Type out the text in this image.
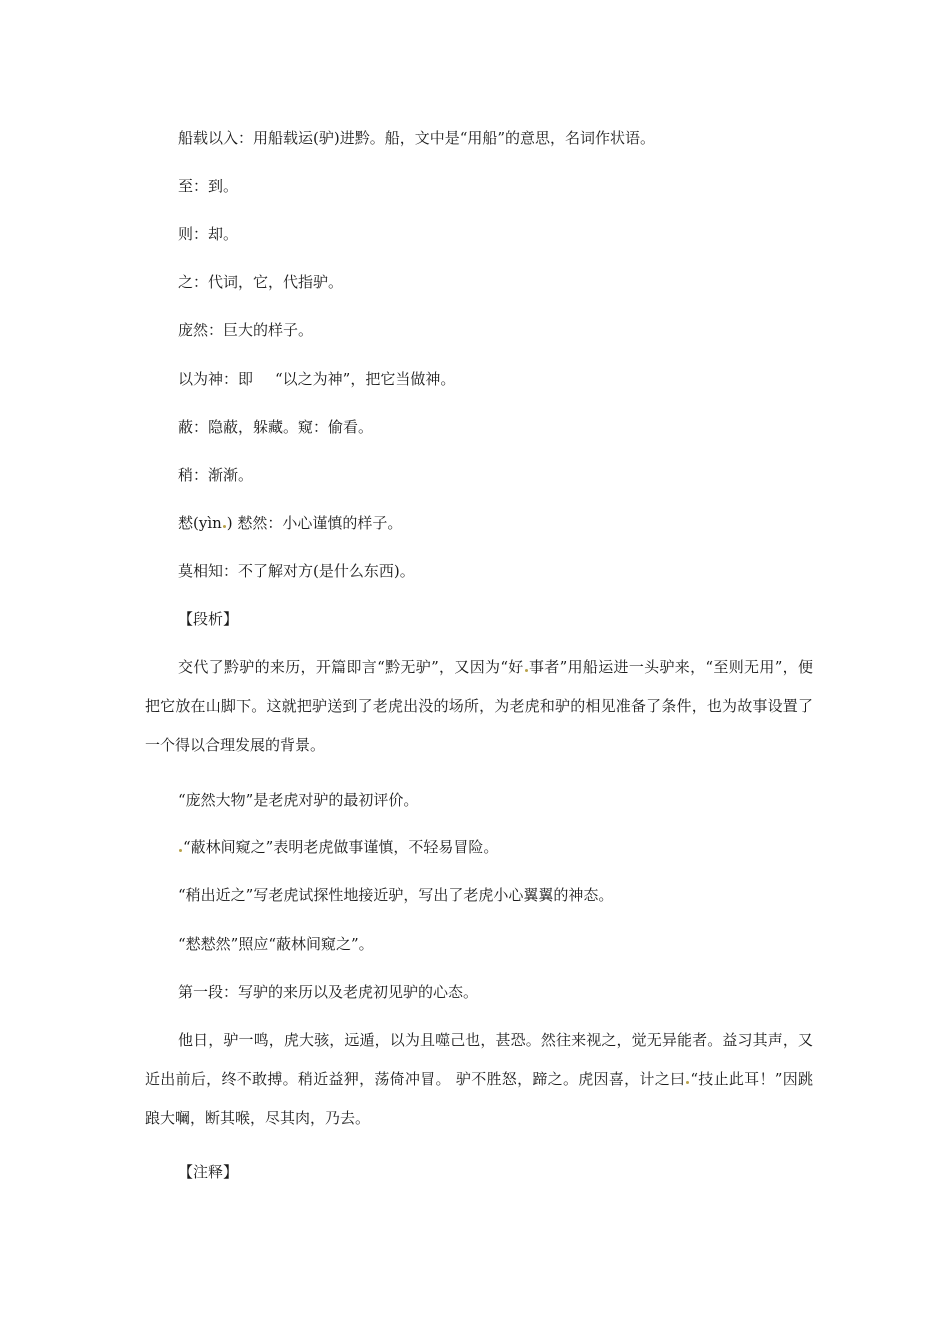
船载以入：用船载运(驴)进黔。船，文中是“用船”的意思，名词作状语。
至：到。
则：却。
之：代词，它，代指驴。
庞然：巨大的样子。
以为神：即 “以之为神”，把它当做神。
蔽：隐蔽，躲藏。窥：偷看。
稍：渐渐。
慭(yìn ) 慭然：小心谨慎的样子。
莫相知：不了解对方(是什么东西)。
【段析】
交代了黔驴的来历，开篇即言“黔无驴”，又因为“好 事者”用船运进一头驴来，“至则无用”，便把它放在山脚下。这就把驴送到了老虎出没的场所，为老虎和驴的相见准备了条件，也为故事设置了一个得以合理发展的背景。
“庞然大物”是老虎对驴的最初评价。
“蔽林间窥之”表明老虎做事谨慎，不轻易冒险。
“稍出近之”写老虎试探性地接近驴，写出了老虎小心翼翼的神态。
“慭慭然”照应“蔽林间窥之”。
第一段：写驴的来历以及老虎初见驴的心态。
他日，驴一鸣，虎大骇，远遁，以为且噬己也，甚恐。然往来视之，觉无异能者。益习其声，又近出前后，终不敢搏。稍近益狎，荡倚冲冒。 驴不胜怒，蹄之。虎因喜，计之曰 “技止此耳！”因跳踉大㘎，断其喉，尽其肉，乃去。
【注释】
